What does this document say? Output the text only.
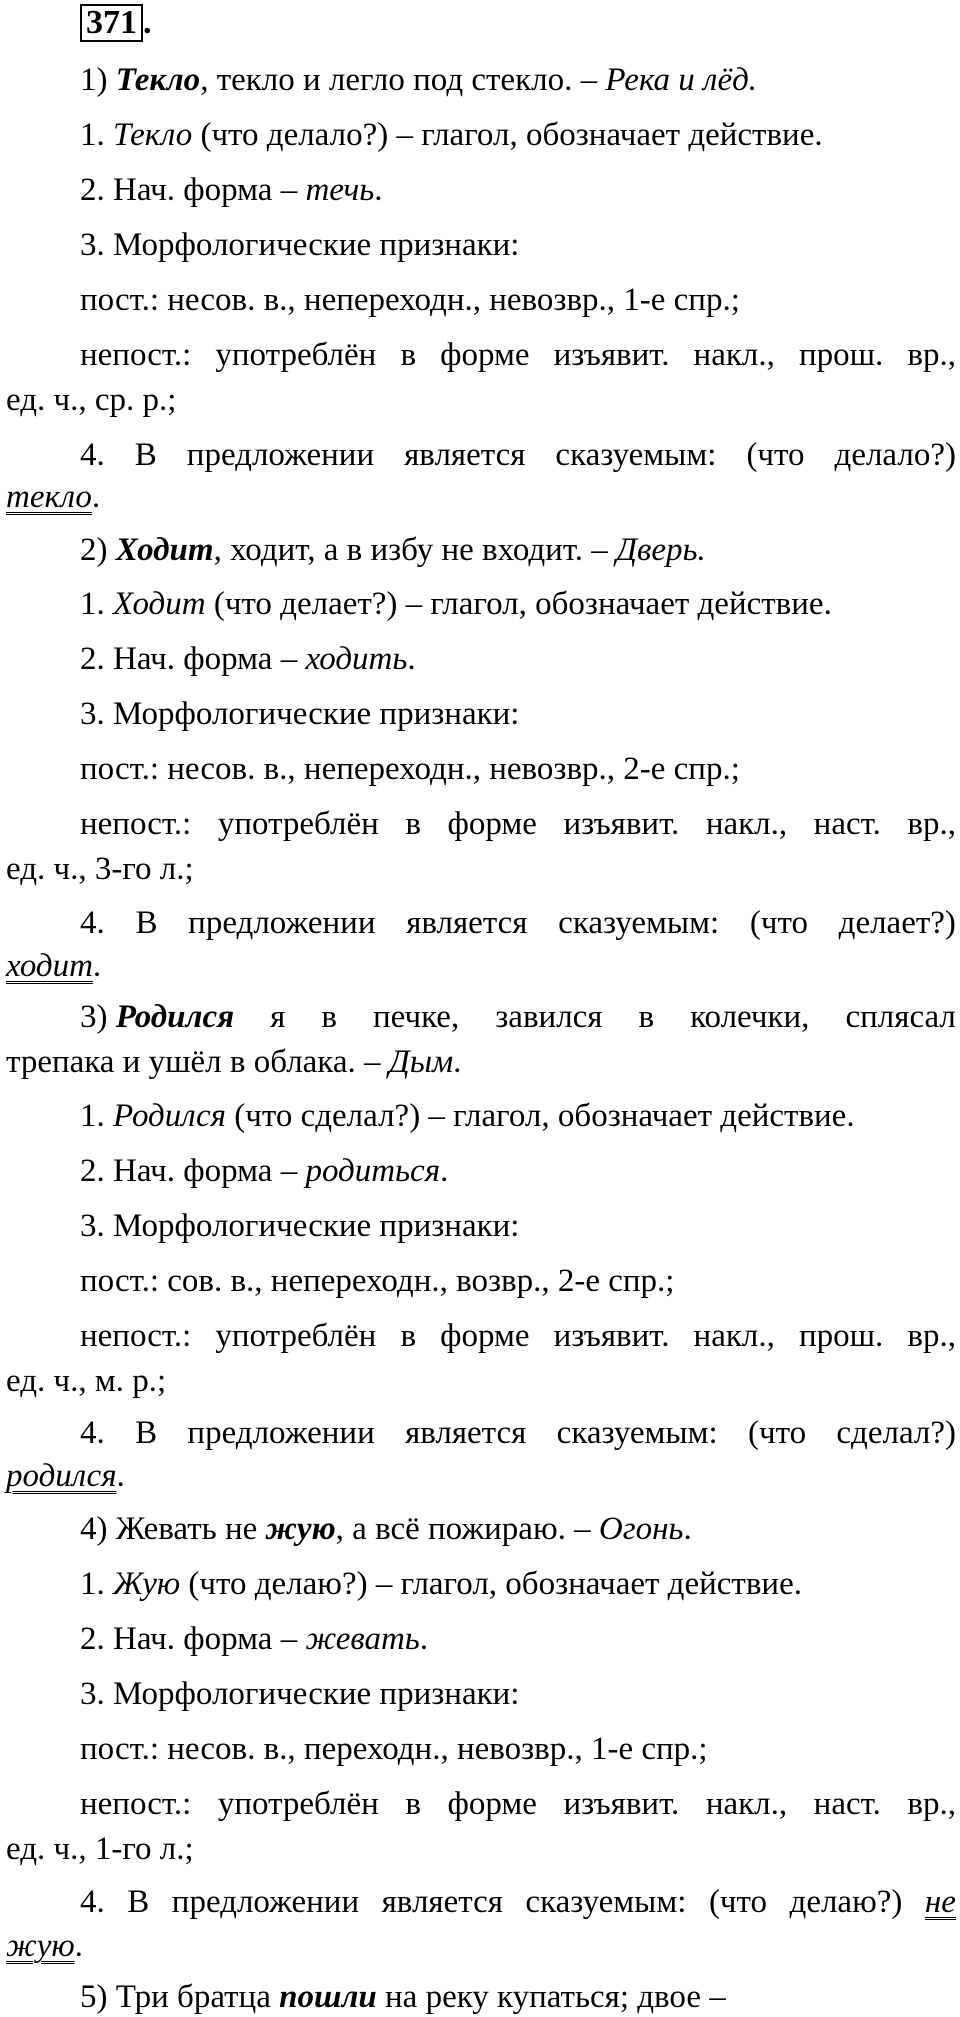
371 .
1) Текло, текло и легло под стекло. – Река и лёд.
1. Текло (что делало?) – глагол, обозначает действие.
2. Нач. форма – течь.
3. Морфологические признаки:
пост.: несов. в., непереходн., невозвр., 1-е спр.;
непост.: употреблён в форме изъявит. накл., прош. вр.,
ед. ч., ср. р.;
4. В предложении является сказуемым: (что делало?)
текло.
2) Ходит, ходит, а в избу не входит. – Дверь.
1. Ходит (что делает?) – глагол, обозначает действие.
2. Нач. форма – ходить.
3. Морфологические признаки:
пост.: несов. в., непереходн., невозвр., 2-е спр.;
непост.: употреблён в форме изъявит. накл., наст. вр.,
ед. ч., 3-го л.;
4. В предложении является сказуемым: (что делает?)
ходит.
3) Родился я в печке, завился в колечки, сплясал
трепака и ушёл в облака. – Дым.
1. Родился (что сделал?) – глагол, обозначает действие.
2. Нач. форма – родиться.
3. Морфологические признаки:
пост.: сов. в., непереходн., возвр., 2-е спр.;
непост.: употреблён в форме изъявит. накл., прош. вр.,
ед. ч., м. р.;
4. В предложении является сказуемым: (что сделал?)
родился.
4) Жевать не жую, а всё пожираю. – Огонь.
1. Жую (что делаю?) – глагол, обозначает действие.
2. Нач. форма – жевать.
3. Морфологические признаки:
пост.: несов. в., переходн., невозвр., 1-е спр.;
непост.: употреблён в форме изъявит. накл., наст. вр.,
ед. ч., 1-го л.;
4. В предложении является сказуемым: (что делаю?) не
жую.
5) Три братца пошли на реку купаться; двое –
